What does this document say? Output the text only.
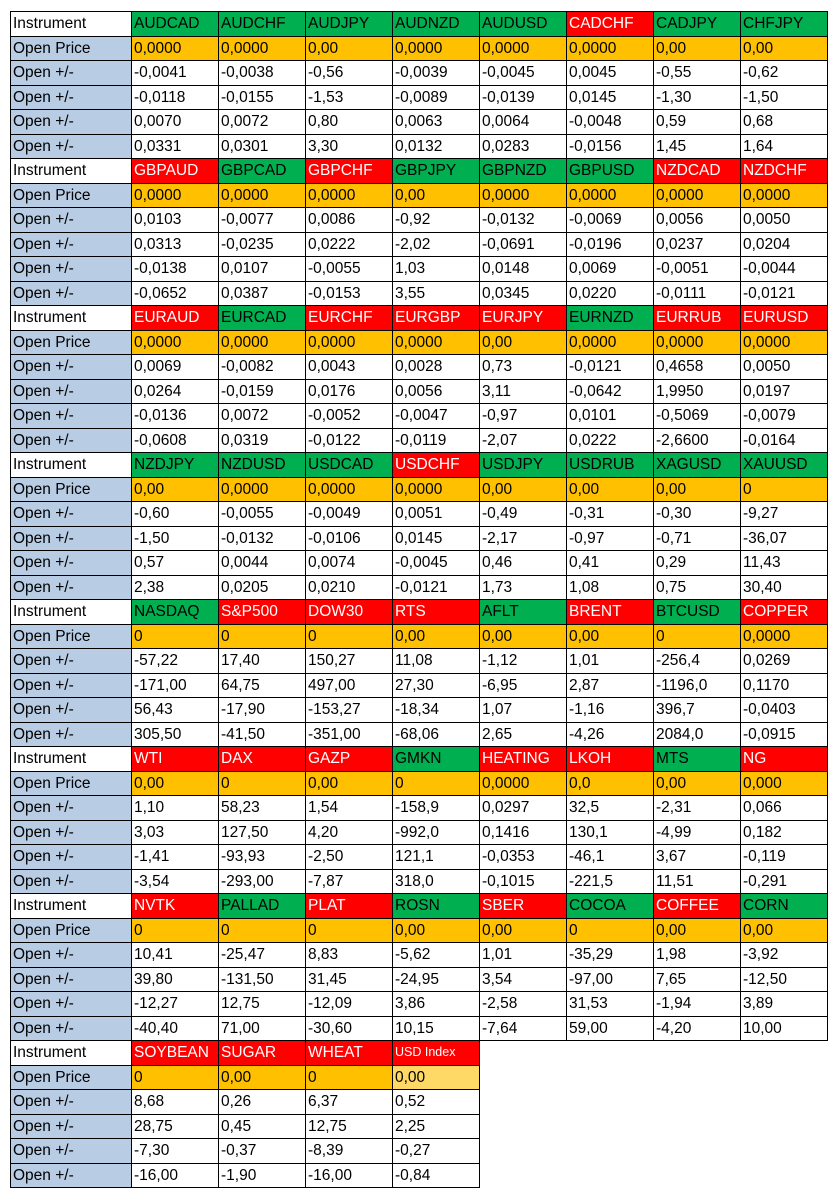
Instrument	AUDCAD	AUDCHF	AUDJPY	AUDNZD	AUDUSD	CADCHF	CADJPY	CHFJPY
Open Price	0,0000	0,0000	0,00	0,0000	0,0000	0,0000	0,00	0,00
Open +/-	-0,0041	-0,0038	-0,56	-0,0039	-0,0045	0,0045	-0,55	-0,62
Open +/-	-0,0118	-0,0155	-1,53	-0,0089	-0,0139	0,0145	-1,30	-1,50
Open +/-	0,0070	0,0072	0,80	0,0063	0,0064	-0,0048	0,59	0,68
Open +/-	0,0331	0,0301	3,30	0,0132	0,0283	-0,0156	1,45	1,64
Instrument	GBPAUD	GBPCAD	GBPCHF	GBPJPY	GBPNZD	GBPUSD	NZDCAD	NZDCHF
Open Price	0,0000	0,0000	0,0000	0,00	0,0000	0,0000	0,0000	0,0000
Open +/-	0,0103	-0,0077	0,0086	-0,92	-0,0132	-0,0069	0,0056	0,0050
Open +/-	0,0313	-0,0235	0,0222	-2,02	-0,0691	-0,0196	0,0237	0,0204
Open +/-	-0,0138	0,0107	-0,0055	1,03	0,0148	0,0069	-0,0051	-0,0044
Open +/-	-0,0652	0,0387	-0,0153	3,55	0,0345	0,0220	-0,0111	-0,0121
Instrument	EURAUD	EURCAD	EURCHF	EURGBP	EURJPY	EURNZD	EURRUB	EURUSD
Open Price	0,0000	0,0000	0,0000	0,0000	0,00	0,0000	0,0000	0,0000
Open +/-	0,0069	-0,0082	0,0043	0,0028	0,73	-0,0121	0,4658	0,0050
Open +/-	0,0264	-0,0159	0,0176	0,0056	3,11	-0,0642	1,9950	0,0197
Open +/-	-0,0136	0,0072	-0,0052	-0,0047	-0,97	0,0101	-0,5069	-0,0079
Open +/-	-0,0608	0,0319	-0,0122	-0,0119	-2,07	0,0222	-2,6600	-0,0164
Instrument	NZDJPY	NZDUSD	USDCAD	USDCHF	USDJPY	USDRUB	XAGUSD	XAUUSD
Open Price	0,00	0,0000	0,0000	0,0000	0,00	0,00	0,00	0
Open +/-	-0,60	-0,0055	-0,0049	0,0051	-0,49	-0,31	-0,30	-9,27
Open +/-	-1,50	-0,0132	-0,0106	0,0145	-2,17	-0,97	-0,71	-36,07
Open +/-	0,57	0,0044	0,0074	-0,0045	0,46	0,41	0,29	11,43
Open +/-	2,38	0,0205	0,0210	-0,0121	1,73	1,08	0,75	30,40
Instrument	NASDAQ	S&P500	DOW30	RTS	AFLT	BRENT	BTCUSD	COPPER
Open Price	0	0	0	0,00	0,00	0,00	0	0,0000
Open +/-	-57,22	17,40	150,27	11,08	-1,12	1,01	-256,4	0,0269
Open +/-	-171,00	64,75	497,00	27,30	-6,95	2,87	-1196,0	0,1170
Open +/-	56,43	-17,90	-153,27	-18,34	1,07	-1,16	396,7	-0,0403
Open +/-	305,50	-41,50	-351,00	-68,06	2,65	-4,26	2084,0	-0,0915
Instrument	WTI	DAX	GAZP	GMKN	HEATING	LKOH	MTS	NG
Open Price	0,00	0	0,00	0	0,0000	0,0	0,00	0,000
Open +/-	1,10	58,23	1,54	-158,9	0,0297	32,5	-2,31	0,066
Open +/-	3,03	127,50	4,20	-992,0	0,1416	130,1	-4,99	0,182
Open +/-	-1,41	-93,93	-2,50	121,1	-0,0353	-46,1	3,67	-0,119
Open +/-	-3,54	-293,00	-7,87	318,0	-0,1015	-221,5	11,51	-0,291
Instrument	NVTK	PALLAD	PLAT	ROSN	SBER	COCOA	COFFEE	CORN
Open Price	0	0	0	0,00	0,00	0	0,00	0,00
Open +/-	10,41	-25,47	8,83	-5,62	1,01	-35,29	1,98	-3,92
Open +/-	39,80	-131,50	31,45	-24,95	3,54	-97,00	7,65	-12,50
Open +/-	-12,27	12,75	-12,09	3,86	-2,58	31,53	-1,94	3,89
Open +/-	-40,40	71,00	-30,60	10,15	-7,64	59,00	-4,20	10,00
Instrument	SOYBEAN	SUGAR	WHEAT	USD Index				
Open Price	0	0,00	0	0,00				
Open +/-	8,68	0,26	6,37	0,52				
Open +/-	28,75	0,45	12,75	2,25				
Open +/-	-7,30	-0,37	-8,39	-0,27				
Open +/-	-16,00	-1,90	-16,00	-0,84				
